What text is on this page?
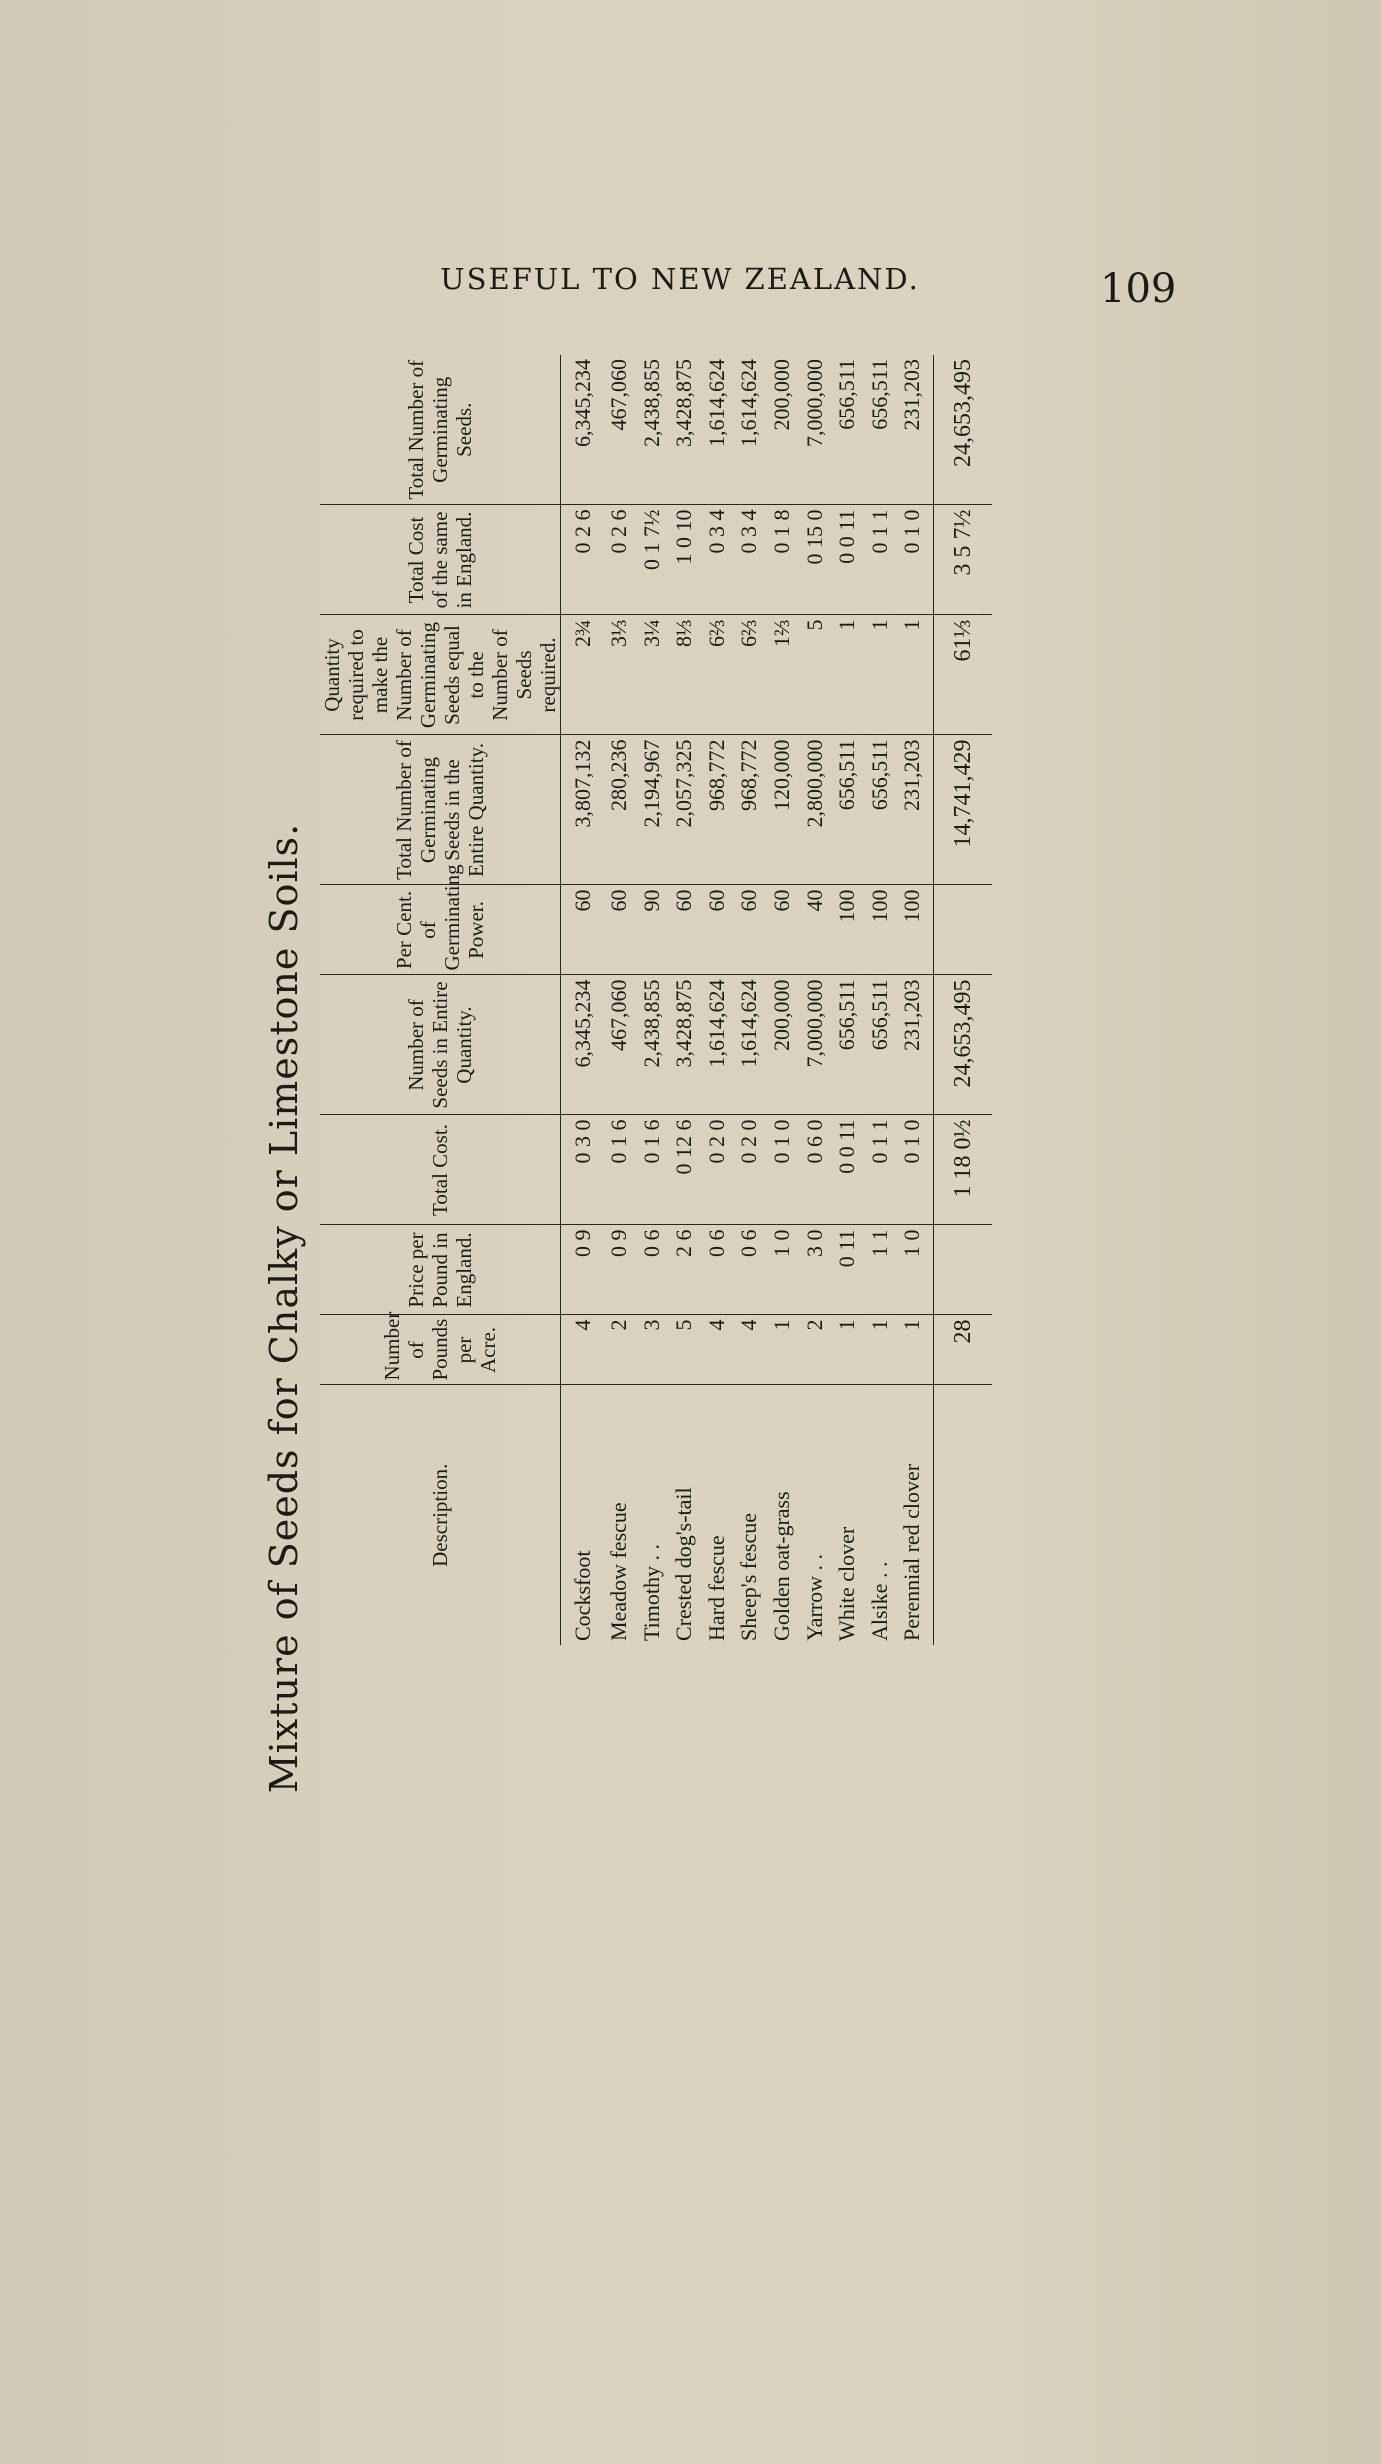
USEFUL TO NEW ZEALAND.	109
Mixture of Seeds for Chalky or Limestone Soils.	Description.	Number of Pounds per Acre.	Price per Pound in England.	Total Cost.	Number of Seeds in Entire Quantity.	Per Cent. of Germinating Power.	Total Number of Germinating Seeds in the Entire Quantity.	Quantity required to make the Number of Germinating Seeds equal to the Number of Seeds required.	Total Cost of the same in England.	Total Number of Germinating Seeds.
Cocksfoot	4	0 9	0 3 0	6,345,234	60	3,807,132	2¾	0 2 6	6,345,234
Meadow fescue	2	0 9	0 1 6	467,060	60	280,236	3⅓	0 2 6	467,060
Timothy . .	3	0 6	0 1 6	2,438,855	90	2,194,967	3¼	0 1 7½	2,438,855
Crested dog's-tail	5	2 6	0 12 6	3,428,875	60	2,057,325	8⅓	1 0 10	3,428,875
Hard fescue	4	0 6	0 2 0	1,614,624	60	968,772	6⅔	0 3 4	1,614,624
Sheep's fescue	4	0 6	0 2 0	1,614,624	60	968,772	6⅔	0 3 4	1,614,624
Golden oat-grass	1	1 0	0 1 0	200,000	60	120,000	1⅔	0 1 8	200,000
Yarrow . .	2	3 0	0 6 0	7,000,000	40	2,800,000	5	0 15 0	7,000,000
White clover	1	0 11	0 0 11	656,511	100	656,511	1	0 0 11	656,511
Alsike . .	1	1 1	0 1 1	656,511	100	656,511	1	0 1 1	656,511
Perennial red clover	1	1 0	0 1 0	231,203	100	231,203	1	0 1 0	231,203
	28		1 18 0½	24,653,495		14,741,429	61⅓	3 5 7½	24,653,495
